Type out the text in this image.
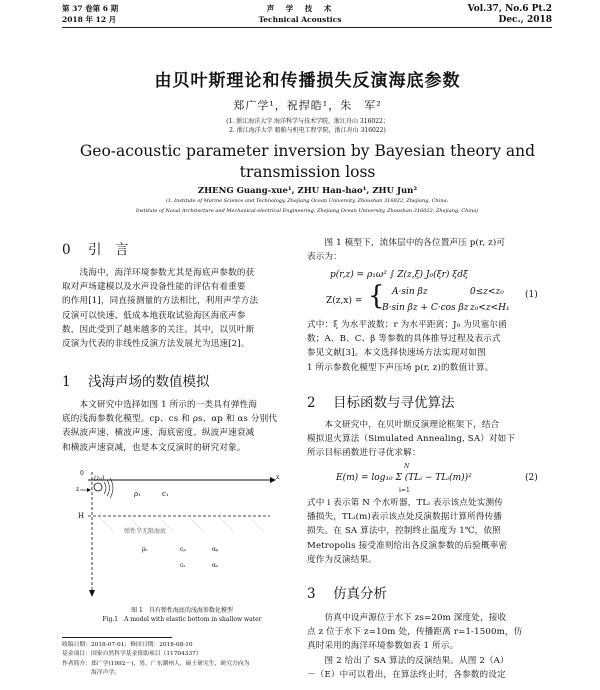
第 37 卷第 6 期
2018 年 12 月
声　学　技　术
Technical Acoustics
Vol.37, No.6 Pt.2
Dec., 2018
由贝叶斯理论和传播损失反演海底参数
郑广学¹，祝捍皓¹，朱　军²
(1. 浙江海洋大学 海洋科学与技术学院，浙江舟山 316022；
2. 浙江海洋大学 船舶与机电工程学院，浙江舟山 316022)
Geo-acoustic parameter inversion by Bayesian theory and
transmission loss
ZHENG Guang-xue¹, ZHU Han-hao¹, ZHU Jun²
(1. Institute of Marine Science and Technology, Zhejiang Ocean University, Zhoushan 316022, Zhejiang, China;
Institute of Naval Architecture and Mechanical-electrical Engineering, Zhejiang Ocean University, Zhoushan 316022, Zhejiang, China)
0 引　言

　　浅海中，海洋环境参数尤其是海底声参数的获

取对声场建模以及水声设备性能的评估有着重要

的作用[1]，同直接测量的方法相比，利用声学方法

反演可以快速、低成本地获取试验海区海底声参

数，因此受到了越来越多的关注。其中，以贝叶斯

反演为代表的非线性反演方法发展尤为迅速[2]。

1 浅海声场的数值模拟

　　本文研究中选择如图 1 所示的一类具有弹性海

底的浅海参数化模型。cp、cs 和 ρs、αp 和 αs 分别代

表纵波声速、横波声速、海底密度、纵波声速衰减

和横波声速衰减，也是本文反演时的研究对象。

0
z
x
H
(z₀)
ρ₁	c₁
弹性半无限海底
ρₛ	cₚ	αₚ
cₛ	αₛ
图 1　具有弹性海底的浅海参数化模型
Fig.1　A model with elastic bottom in shallow water
收稿日期：2018-07-01；修回日期：2018-08-10
基金项目：国家自然科学基金资助项目（11704337）
作者简介：郑广学(1992－)，男，广东潮州人，硕士研究生，研究方向为
　　　　　海洋声学。

　　图 1 模型下，流体层中的各位置声压 p(r, z)可

表示为：

p(r,z) = ρ₁ω² ∫ Z(z,ξ) J₀(ξr) ξdξ
Z(z,x) = { A·sin βz	0≤z<z₀
B·sin βz + C·cos βz z₀<z<H₁
(1)

式中：ξ 为水平波数；r 为水平距离；J₀ 为贝塞尔函

数；A、B、C、β 等参数的具体推导过程及表示式

参见文献[3]。本文选择快速场方法实现对如图

1 所示参数化模型下声压场 p(r, z)的数值计算。

2 目标函数与寻优算法

　　本文研究中，在贝叶斯反演理论框架下，结合

模拟退火算法（Simulated Annealing, SA）对如下

所示目标函数进行寻优求解：

E(m) = log₁₀ Σ (TLᵢ − TLᵢ(m))²
N
i=1
(2)

式中 i 表示第 N 个水听器，TLᵢ 表示该点处实测传

播损失，TLᵢ(m)表示该点处反演数据计算所得传播

损失。在 SA 算法中，控制终止温度为 1℃，依照

Metropolis 接受准则给出各反演参数的后验概率密

度作为反演结果。

3 仿真分析

　　仿真中设声源位于水下 zs=20m 深度处，接收

点 z 位于水下 z=10m 处，传播距离 r=1-1500m，仿

真时采用的海洋环境参数如表 1 所示。

　　图 2 给出了 SA 算法的反演结果。从图 2（A）

－（E）中可以看出，在算法终止时，各参数的设定
